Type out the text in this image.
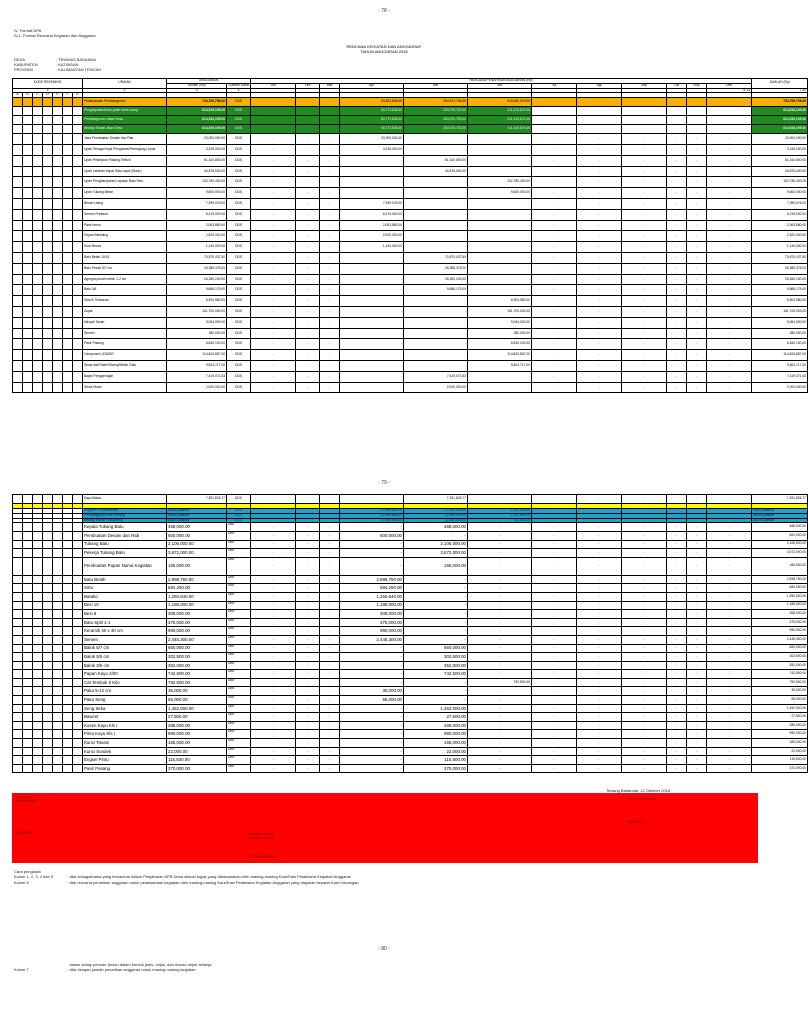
- 78 -
IV. Format DPA
IV.1. Format Rencana Kegiatan dan Anggaran
RENCANA KEGIATAN DAN ANGGARAN*
TAHUN ANGGARAN 2018
DESA	: TEWANG BADANDA
KABUPATEN	: KATINGAN
PROVINSI	: KALIMANTAN TENGAH
KODE REKENING							URAIAN	ANGGARAN		RENCANA PENARIKAN ANGGARAN (Rp)												JUMLAH (Rp)
								Jumlah (Rp)	Sumber Dana	Jan	Feb	Mar	Apr	Mei	Jun	Jul	Agt	Sep	Okt	Nop	Des	
1							2	3	4												6-14	7-20
A	B	C	D	E	F	G																
							Pelaksanaan Pembangunan	734,709,706.00	DDS				63,823,896.00	264,870,706.00	415,630,979.00							734,709,706.00
							Pengaspalan/beton jalan desa ruang	614,519,199.00	DDS				60,773,536.00	253,070,720.00	311,319,874.00							614,519,199.00
							Pembangunan Jalan Desa	614,519,199.00	DDS				60,773,536.00	253,070,720.00	311,319,874.00							614,519,199.00
							Belanja Modal Jalan Desa	614,519,199.00	DDS				60,773,536.00	253,070,720.00	311,319,874.00							614,519,199.00
							Jasa Pembuatan Desain dan Rab	20,000,000.00	DDS	-	-	-	20,000,000.00	-	-	-	-	-	-	-	-	20,000,000.00
							Upah Tenaga Kerja Pengawas/Pemegang Lepas	3,249,000.00	DDS	-	-	-	3,249,000.00	-	-	-	-	-	-	-	-	3,249,000.00
							Upah Pekerjaan Pasang Telford	61,310,800.00	DDS	-	-	-	-	61,310,800.00	-	-	-	-	-	-	-	61,310,800.00
							Upah Lebaran Aspal Satu Lapis (Burtu)	40,876,000.00	DDS	-	-	-	-	40,876,000.00	-	-	-	-	-	-	-	40,876,000.00
							Upah Penghamparan Lapisan Batu Sirtu	102,780,400.00	DDS	-	-	-	-	-	102,780,400.00	-	-	-	-	-	-	102,780,400.00
							Upah Tukang Beton	9,600,000.00	DDS	-	-	-	-	-	9,600,000.00	-	-	-	-	-	-	9,600,000.00
							Besah Ulang	7,399,076.00	DDS	-	-	-	7,399,076.00	-	-	-	-	-	-	-	-	7,399,076.00
							Semen Portland	6,219,000.00	DDS	-	-	-	6,219,000.00	-	-	-	-	-	-	-	-	6,219,000.00
							Pasir beton	2,063,880.00	DDS	-	-	-	2,063,880.00	-	-	-	-	-	-	-	-	2,063,880.00
							Papan Bekisting	2,520,000.00	DDS	-	-	-	2,520,000.00	-	-	-	-	-	-	-	-	2,520,000.00
							Kuar Benes	1,140,000.00	DDS	-	-	-	1,140,000.00	-	-	-	-	-	-	-	-	1,140,000.00
							Batu Belah 10/15	70,870,437.50	DDS	-	-	-	-	70,870,437.50	-	-	-	-	-	-	-	70,870,437.50
							Batu Pecah 5/7 cm	26,389,375.00	DDS	-	-	-	-	26,389,375.00	-	-	-	-	-	-	-	26,389,375.00
							Agregat pecah mesin 1-2 cm	26,260,240.00	DDS	-	-	-	-	26,260,240.00	-	-	-	-	-	-	-	26,260,240.00
							Batu 0/6	9,866,175.00	DDS	-	-	-	-	9,866,175.00	-	-	-	-	-	-	-	9,866,175.00
							Sirtu/h Timbunan	6,904,980.00	DDS	-	-	-	-	-	6,904,980.00	-	-	-	-	-	-	6,904,980.00
							Aspal	161,700,000.00	DDS	-	-	-	-	-	161,700,000.00	-	-	-	-	-	-	161,700,000.00
							Minyak Tanah	9,064,000.00	DDS	-	-	-	-	-	9,064,000.00	-	-	-	-	-	-	9,064,000.00
							Semen	280,000.00	DDS	-	-	-	-	-	280,000.00	-	-	-	-	-	-	280,000.00
							Pasir Pasang	6,840,100.00	DDS	-	-	-	-	-	6,840,100.00	-	-	-	-	-	-	6,840,100.00
							Campuran LATASIR	114,843,867.00	DDS	-	-	-	-	-	114,843,867.00	-	-	-	-	-	-	114,843,867.00
							Sewa alat Roller/Stamp/Mesin Glas	9,504,717.00	DDS	-	-	-	-	-	9,504,717.00	-	-	-	-	-	-	9,504,717.00
							Bajan Penggerogan	7,419,071.63	DDS	-	-	-	-	7,419,071.63	-	-	-	-	-	-	-	7,419,071.63
							Sewa Motor	2,000,000.00	DDS	-	-	-	-	2,000,000.00	-	-	-	-	-	-	-	2,000,000.00
- 79 -
							Kayu Bakar	7,391,826.77	DDS	-	-	-	-	7,391,826.77	-	-	-	-	-	-	-	7,391,826.77

							Kegiatan Pemeliharaan	23,571,449.00	DDS				10,589,860.00	12,280,089.00	1,702,500.00							23,571,449.00
							Pembangunan Pos Kamling	23,571,449.00	DDS				10,589,860.00	12,280,089.00	1,702,500.00							23,571,449.00
							Belanja Modal Poskamling	23,571,449.00	DDS				10,589,860.00	12,280,089.00	702,500.00							23,571,449.00
							Kepala Tukang Batu	468,000.00	ADD	-	-	-	-	468,000.00	-	-	-	-	-	-	-	468,000.00
							Pembuatan Desain dan Rab	600,000.00	ADD	-	-	-	600,000.00	-	-	-	-	-	-	-	-	600,000.00
							Tukang Batu	2,106,000.00	ADD	-	-	-	-	2,106,000.00	-	-	-	-	-	-	-	2,106,000.00
							Pekerja Tukang Batu	3,672,000.00	ADD	-	-	-	-	3,672,000.00	-	-	-	-	-	-	-	3,672,000.00
							Pembuatan Papan Nama Kegiatan	165,000.00	ADD	-	-	-	-	165,000.00	-	-	-	-	-	-	-	165,000.00
							Batu Belah	2,998,750.00	ADD	-	-	-	2,998,750.00	-	-	-	-	-	-	-	-	2,998,750.00
							Sirtu	684,250.00	ADD	-	-	-	684,250.00	-	-	-	-	-	-	-	-	684,250.00
							Batako	1,250,640.00	ADD	-	-	-	1,250,640.00	-	-	-	-	-	-	-	-	1,250,640.00
							Besi 10	1,188,000.00	ADD	-	-	-	1,188,000.00	-	-	-	-	-	-	-	-	1,188,000.00
							Besi 8	308,000.00	ADD	-	-	-	308,000.00	-	-	-	-	-	-	-	-	308,000.00
							Batu Split 1-1	375,000.00	ADD	-	-	-	375,000.00	-	-	-	-	-	-	-	-	375,000.00
							Keramik 40 x 40 cm	990,000.00	ADD	-	-	-	990,000.00	-	-	-	-	-	-	-	-	990,000.00
							Semen	2,445,300.00	ADD	-	-	-	2,445,300.00	-	-	-	-	-	-	-	-	2,445,300.00
							Balok 5/7 cm	660,000.00	ADD	-	-	-	-	660,000.00	-	-	-	-	-	-	-	660,000.00
							Balok 5/5 cm	302,500.00	ADD	-	-	-	-	302,500.00	-	-	-	-	-	-	-	302,500.00
							Balok 3/5 cm	352,000.00	ADD	-	-	-	-	352,000.00	-	-	-	-	-	-	-	352,000.00
							Papan Kayu 2/20	742,500.00	ADD	-	-	-	-	742,500.00	-	-	-	-	-	-	-	742,500.00
							Cat Tembok 5 Kilo	792,500.00	ADD	-	-	-	-	-	792,500.00	-	-	-	-	-	-	792,500.00
							Paku 5-12 cm	35,000.00	ADD	-	-	-	35,000.00	-	-	-	-	-	-	-	-	35,000.00
							Paku Seng	55,000.00	ADD	-	-	-	55,000.00	-	-	-	-	-	-	-	-	55,000.00
							Seng Sirka	1,452,000.00	ADD	-	-	-	-	1,452,000.00	-	-	-	-	-	-	-	1,452,000.00
							Bawcet	27,500.00	ADD	-	-	-	-	27,500.00	-	-	-	-	-	-	-	27,500.00
							Kusen Kayu Kls I	286,000.00	ADD	-	-	-	-	286,000.00	-	-	-	-	-	-	-	286,000.00
							Pintu Kayu Kls I	990,000.00	ADD	-	-	-	-	990,000.00	-	-	-	-	-	-	-	990,000.00
							Kunci Tanam	165,000.00	ADD	-	-	-	-	165,000.00	-	-	-	-	-	-	-	165,000.00
							Kunci Sundek	22,000.00	ADD	-	-	-	-	22,000.00	-	-	-	-	-	-	-	22,000.00
							Engsel Pintu	115,500.00	ADD	-	-	-	-	115,500.00	-	-	-	-	-	-	-	115,500.00
							Pasir Pasang	370,000.00	ADD	-	-	-	-	370,000.00	-	-	-	-	-	-	-	370,000.00
Tewang Badandar, 12 Oktober 2018
Menyetujui,
Kepala Desa
BOLANDA
Kasi Perencanaan
HERMAN
Bendahara Desa
Sekretaris Desa
DEWI ANDRIYANI
Cara pengisian
Kolom 1, 2, 3, 4 dan 5	:  diisi sebagaimana yang tercantum dalam Penjabaran APB Desa sesuai tugas yang dilaksanakan oleh masing-masing Kaur/Kasi Pelaksana Kegiatan Anggaran
Kolom 6	:  diisi rencana penarikan anggaran untuk pelaksanaan kegiatan oleh masing-masing Kaur/Kasi Pelaksana Kegiatan Anggaran yang diajukan kepada Kaur Keuangan
- 80 -
dalam setiap periode (bulan dalam bentuk jenis, objek, dan rincian objek belanja
Kolom 7	:  diisi dengan jumlah penarikan anggaran untuk masing-masing kegiatan
